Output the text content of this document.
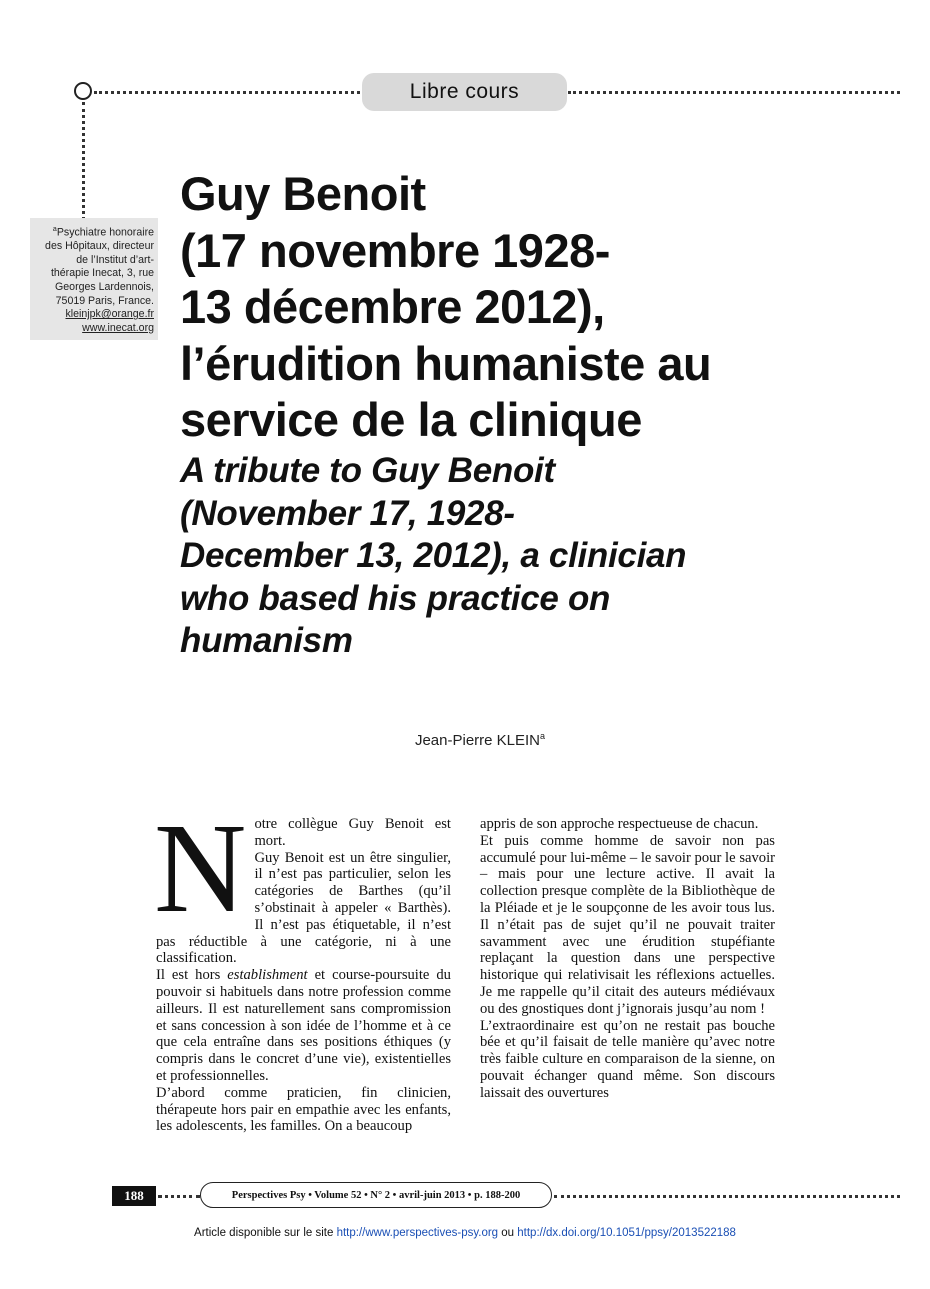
Libre cours
$^a$Psychiatre honoraire
des Hôpitaux, directeur
de l’Institut d’art-
thérapie Inecat, 3, rue
Georges Lardennois,
75019 Paris, France.
kleinjpk@orange.fr
www.inecat.org
Guy Benoit
(17 novembre 1928-
13 décembre 2012),
l’érudition humaniste au
service de la clinique
A tribute to Guy Benoit
(November 17, 1928-
December 13, 2012), a clinician
who based his practice on
humanism
Jean-Pierre KLEIN$^a$
N otre collègue Guy Benoit est mort.

Guy Benoit est un être singulier, il n’est pas particulier, selon les catégories de Barthes (qu’il s’obstinait à appeler « Barthès). Il n’est pas étiquetable, il n’est pas réductible à une catégorie, ni à une classification.

Il est hors establishment et course-poursuite du pouvoir si habituels dans notre profession comme ailleurs. Il est naturellement sans compromission et sans concession à son idée de l’homme et à ce que cela entraîne dans ses positions éthiques (y compris dans le concret d’une vie), existentielles et professionnelles.

D’abord comme praticien, fin clinicien, thérapeute hors pair en empathie avec les enfants, les adolescents, les familles. On a beaucoup

appris de son approche respectueuse de chacun.

Et puis comme homme de savoir non pas accumulé pour lui-même – le savoir pour le savoir – mais pour une lecture active. Il avait la collection presque complète de la Bibliothèque de la Pléiade et je le soupçonne de les avoir tous lus. Il n’était pas de sujet qu’il ne pouvait traiter savamment avec une érudition stupéfiante replaçant la question dans une perspective historique qui relativisait les réflexions actuelles. Je me rappelle qu’il citait des auteurs médiévaux ou des gnostiques dont j’ignorais jusqu’au nom !

L’extraordinaire est qu’on ne restait pas bouche bée et qu’il faisait de telle manière qu’avec notre très faible culture en comparaison de la sienne, on pouvait échanger quand même. Son discours laissait des ouvertures

188	Perspectives Psy • Volume 52 • N° 2 • avril-juin 2013 • p. 188-200
Article disponible sur le site http://www.perspectives-psy.org ou http://dx.doi.org/10.1051/ppsy/2013522188
